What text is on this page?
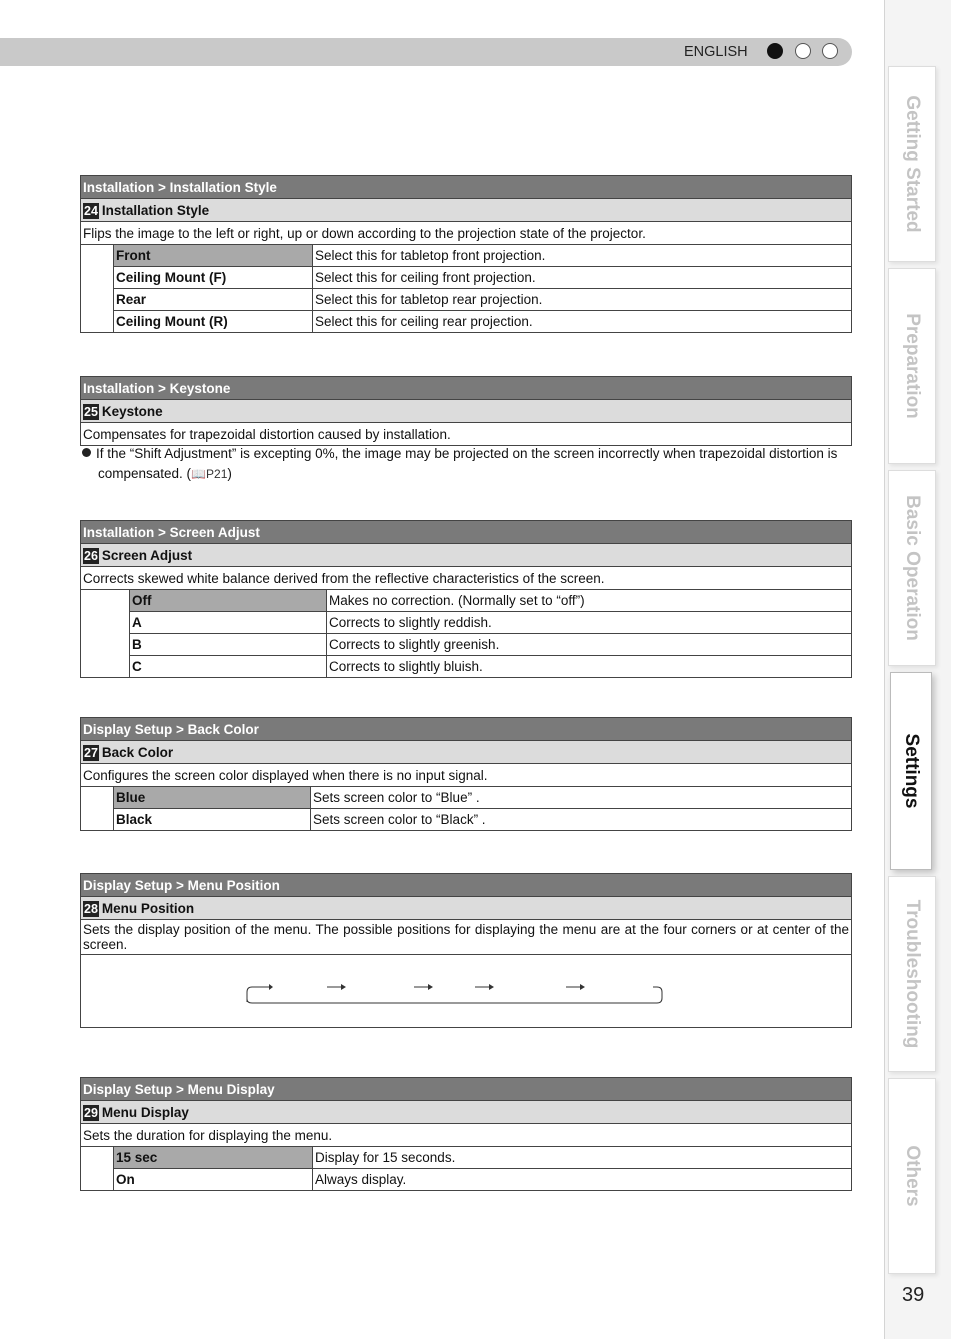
ENGLISH
Getting Started
Preparation
Basic Operation
Settings
Troubleshooting
Others
39
Installation > Installation Style		
24 Installation Style		
Flips the image to the left or right, up or down according to the projection state of the projector.		
	Front	Select this for tabletop front projection.
	Ceiling Mount (F)	Select this for ceiling front projection.
	Rear	Select this for tabletop rear projection.
	Ceiling Mount (R)	Select this for ceiling rear projection.
Installation > Keystone
25 Keystone
Compensates for trapezoidal distortion caused by installation.
If the “Shift Adjustment” is excepting 0%, the image may be projected on the screen incorrectly when trapezoidal distortion is
compensated. (📖P21)
Installation > Screen Adjust		
26 Screen Adjust		
Corrects skewed white balance derived from the reflective characteristics of the screen.		
	Off	Makes no correction. (Normally set to “off”)
	A	Corrects to slightly reddish.
	B	Corrects to slightly greenish.
	C	Corrects to slightly bluish.
Display Setup > Back Color		
27 Back Color		
Configures the screen color displayed when there is no input signal.		
	Blue	Sets screen color to “Blue” .
	Black	Sets screen color to “Black” .
Display Setup > Menu Position
28 Menu Position
Sets the display position of the menu. The possible positions for displaying the menu are at the four corners or at center of the screen.

Display Setup > Menu Display		
29 Menu Display		
Sets the duration for displaying the menu.		
	15 sec	Display for 15 seconds.
	On	Always display.
